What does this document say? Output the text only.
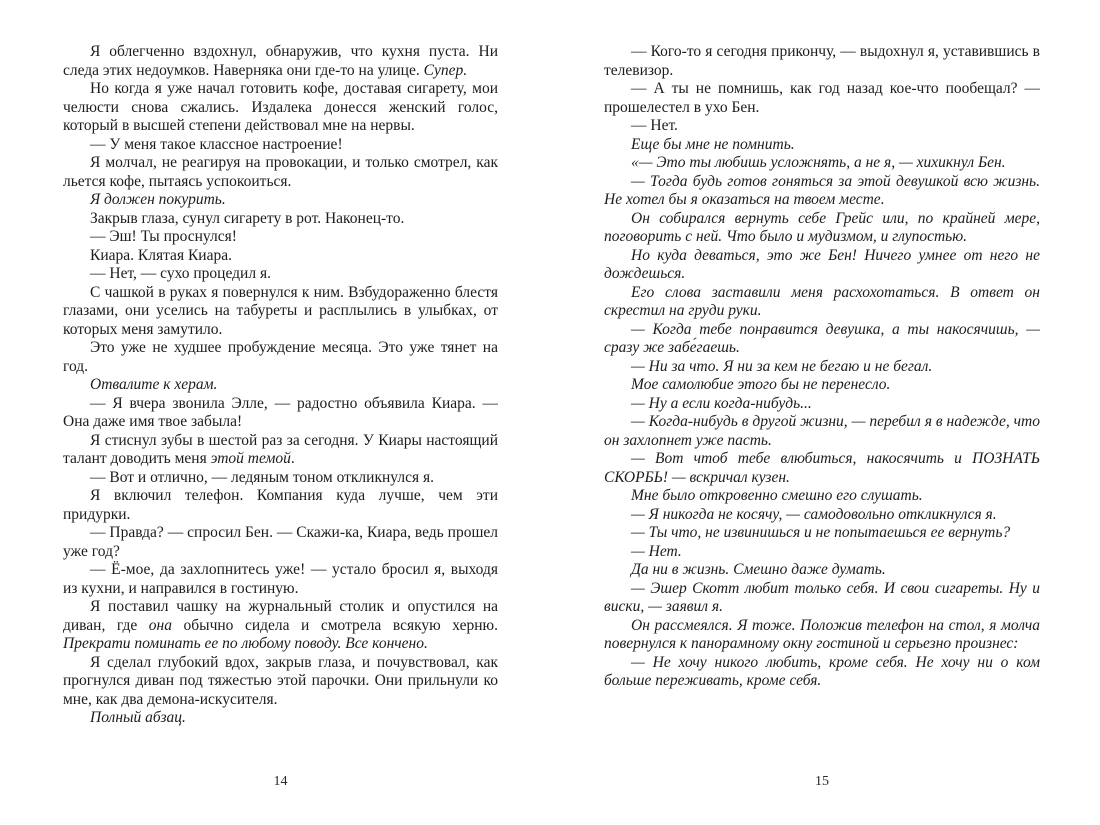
Я облегченно вздохнул, обнаружив, что кухня пуста. Ни следа этих недоумков. Наверняка они где-то на улице. Супер.

Но когда я уже начал готовить кофе, доставая сигарету, мои челюсти снова сжались. Издалека донесся женский голос, который в высшей степени действовал мне на нервы.

— У меня такое классное настроение!

Я молчал, не реагируя на провокации, и только смотрел, как льется кофе, пытаясь успокоиться.

Я должен покурить.

Закрыв глаза, сунул сигарету в рот. Наконец-то.

— Эш! Ты проснулся!

Киара. Клятая Киара.

— Нет, — сухо процедил я.

С чашкой в руках я повернулся к ним. Взбудораженно блестя глазами, они уселись на табуреты и расплылись в улыбках, от которых меня замутило.

Это уже не худшее пробуждение месяца. Это уже тянет на год.

Отвалите к херам.

— Я вчера звонила Элле, — радостно объявила Киара. — Она даже имя твое забыла!

Я стиснул зубы в шестой раз за сегодня. У Киары настоящий талант доводить меня этой темой.

— Вот и отлично, — ледяным тоном откликнулся я.

Я включил телефон. Компания куда лучше, чем эти придурки.

— Правда? — спросил Бен. — Скажи-ка, Киара, ведь прошел уже год?

— Ё-мое, да захлопнитесь уже! — устало бросил я, выходя из кухни, и направился в гостиную.

Я поставил чашку на журнальный столик и опустился на диван, где она обычно сидела и смотрела всякую херню. Прекрати поминать ее по любому поводу. Все кончено.

Я сделал глубокий вдох, закрыв глаза, и почувствовал, как прогнулся диван под тяжестью этой парочки. Они прильнули ко мне, как два демона-искусителя.

Полный абзац.

14

— Кого-то я сегодня прикончу, — выдохнул я, уставившись в телевизор.

— А ты не помнишь, как год назад кое-что пообещал? — прошелестел в ухо Бен.

— Нет.

Еще бы мне не помнить.

«— Это ты любишь усложнять, а не я, — хихикнул Бен.

— Тогда будь готов гоняться за этой девушкой всю жизнь. Не хотел бы я оказаться на твоем месте.

Он собирался вернуть себе Грейс или, по крайней мере, поговорить с ней. Что было и мудизмом, и глупостью.

Но куда деваться, это же Бен! Ничего умнее от него не дождешься.

Его слова заставили меня расхохотаться. В ответ он скрестил на груди руки.

— Когда тебе понравится девушка, а ты накосячишь, — сразу же забе́гаешь.

— Ни за что. Я ни за кем не бегаю и не бегал.

Мое самолюбие этого бы не перенесло.

— Ну а если когда-нибудь...

— Когда-нибудь в другой жизни, — перебил я в надежде, что он захлопнет уже пасть.

— Вот чтоб тебе влюбиться, накосячить и ПОЗНАТЬ СКОРБЬ! — вскричал кузен.

Мне было откровенно смешно его слушать.

— Я никогда не косячу, — самодовольно откликнулся я.

— Ты что, не извинишься и не попытаешься ее вернуть?

— Нет.

Да ни в жизнь. Смешно даже думать.

— Эшер Скотт любит только себя. И свои сигареты. Ну и виски, — заявил я.

Он рассмеялся. Я тоже. Положив телефон на стол, я молча повернулся к панорамному окну гостиной и серьезно произнес:

— Не хочу никого любить, кроме себя. Не хочу ни о ком больше переживать, кроме себя.

15
